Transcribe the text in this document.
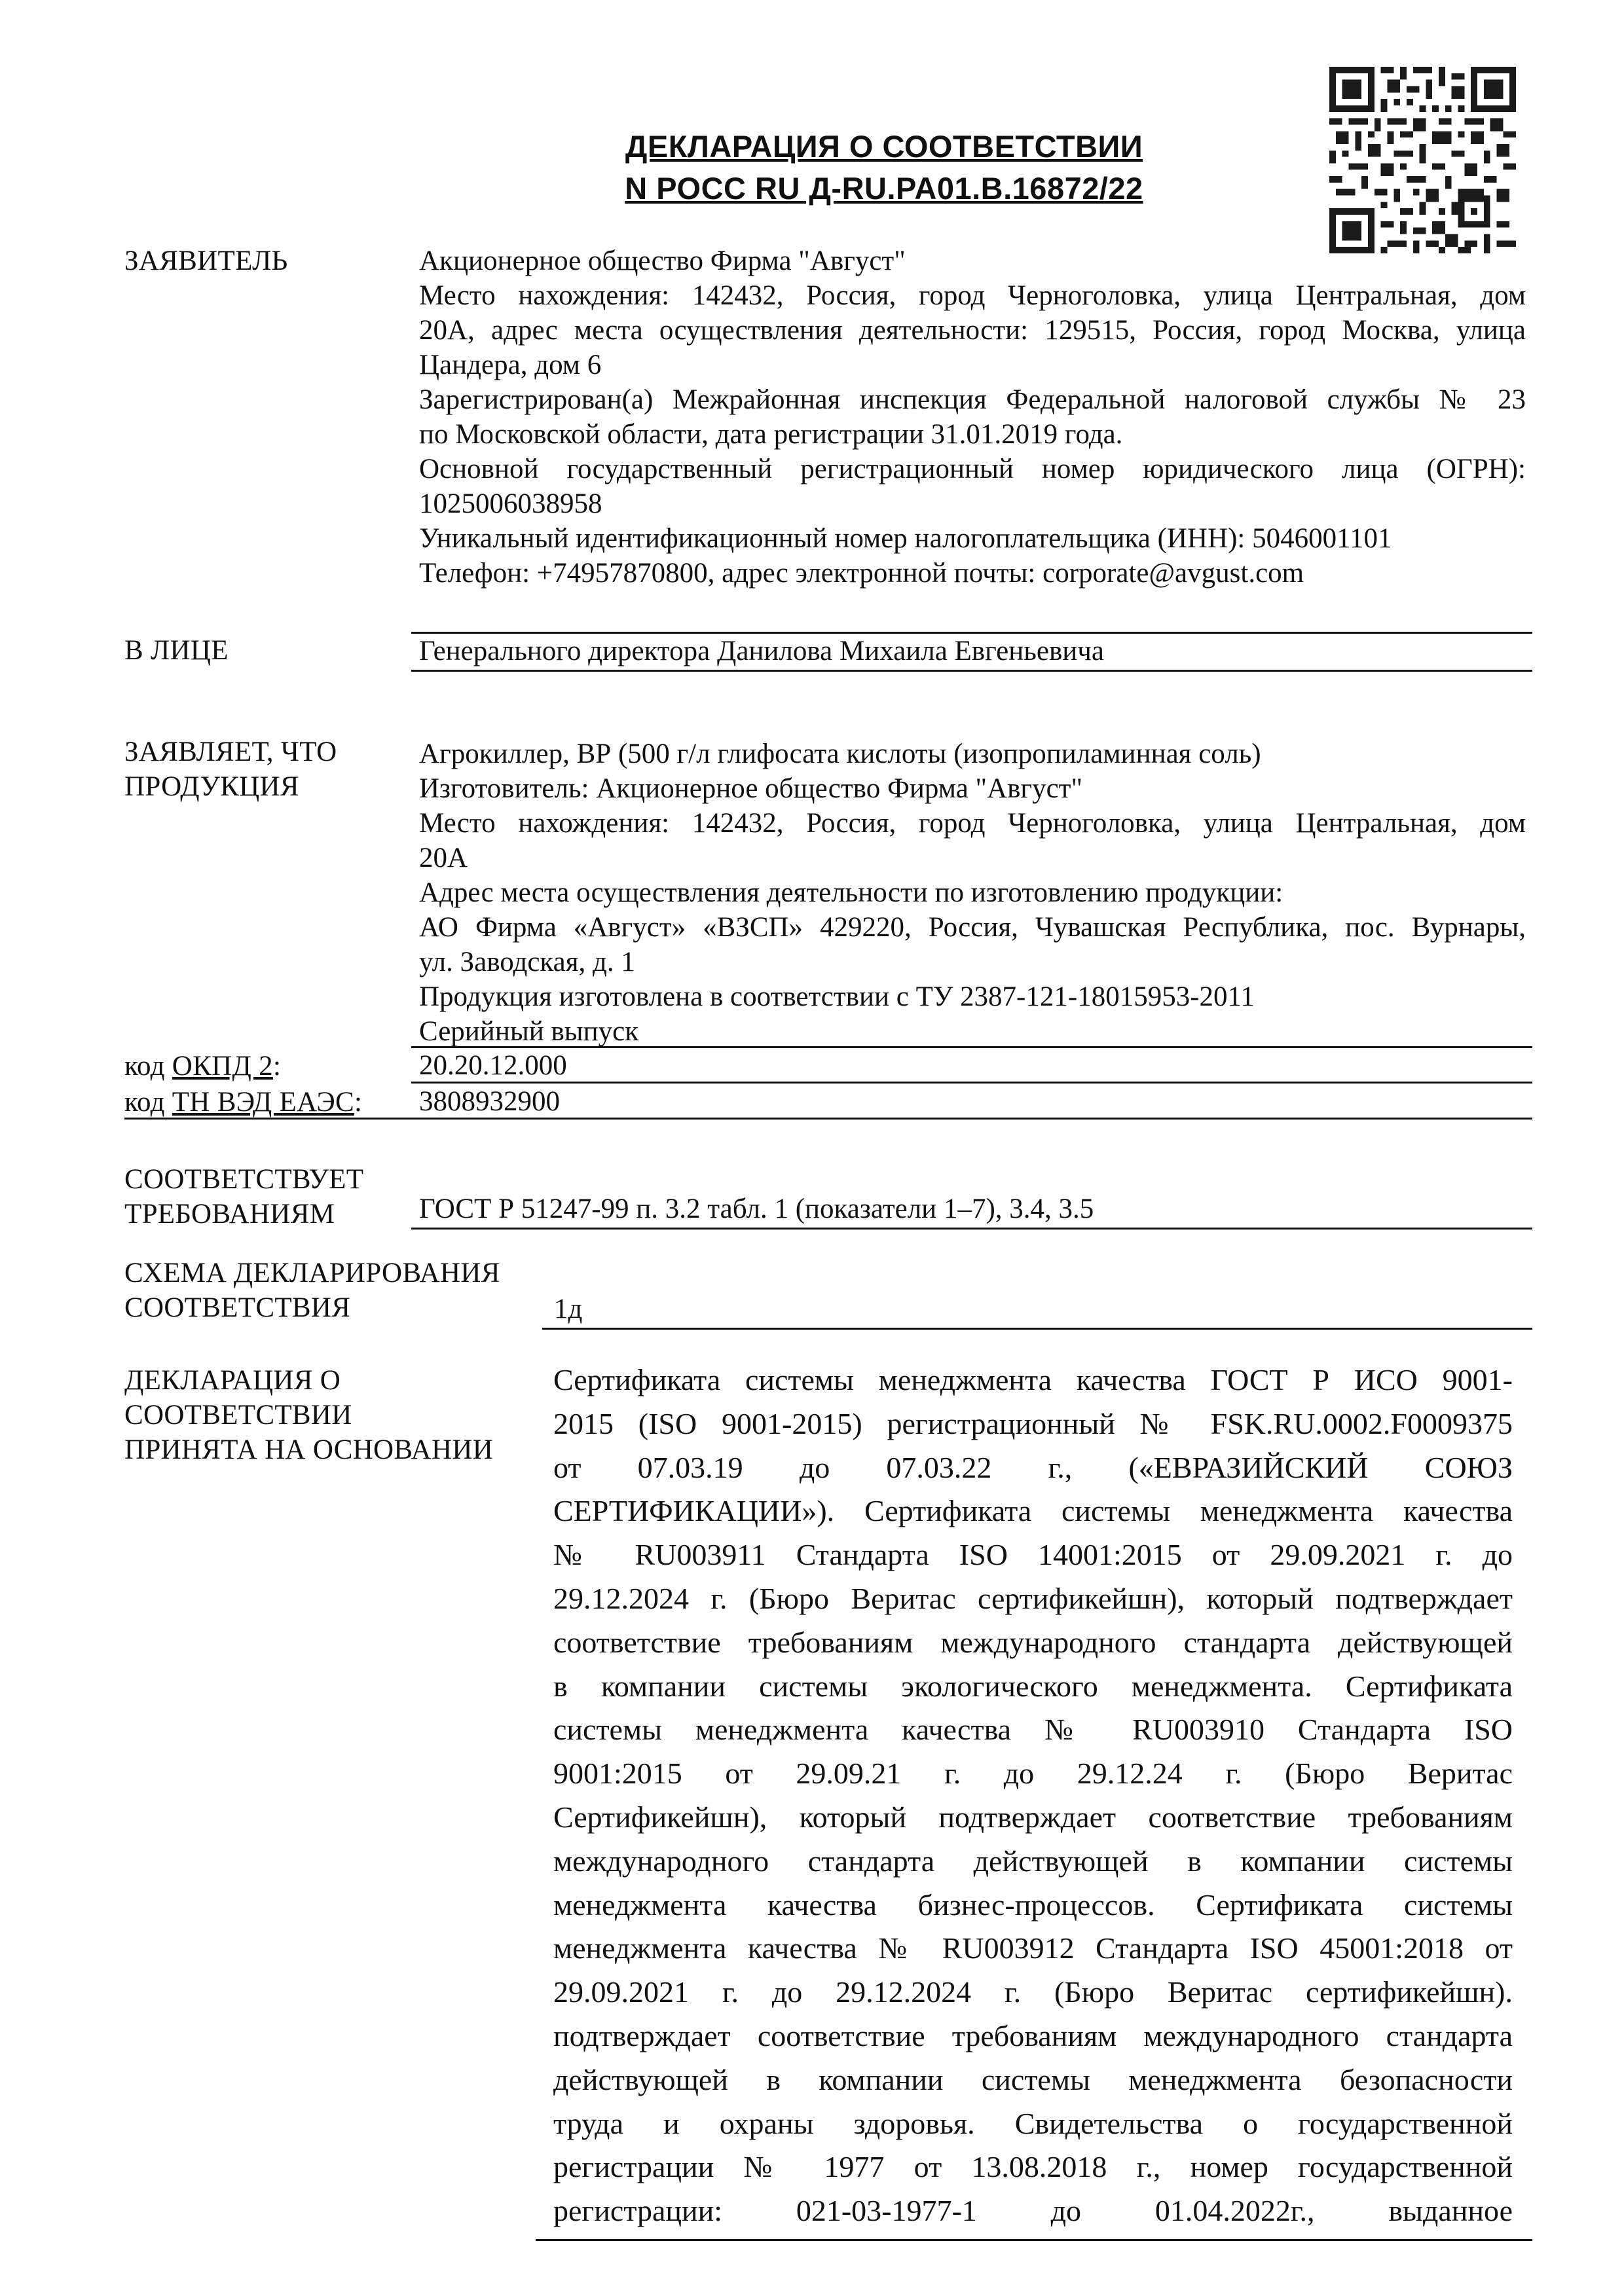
ДЕКЛАРАЦИЯ О СООТВЕТСТВИИ
N РОСС RU Д-RU.PA01.B.16872/22
ЗАЯВИТЕЛЬ	Акционерное общество Фирма "Август"
Место нахождения: 142432, Россия, город Черноголовка, улица Центральная, дом
20А, адрес места осуществления деятельности: 129515, Россия, город Москва, улица
Цандера, дом 6
Зарегистрирован(а) Межрайонная инспекция Федеральной налоговой службы № 23
по Московской области, дата регистрации 31.01.2019 года.
Основной государственный регистрационный номер юридического лица (ОГРН):
1025006038958
Уникальный идентификационный номер налогоплательщика (ИНН): 5046001101
Телефон: +74957870800, адрес электронной почты: corporate@avgust.com
В ЛИЦЕ	Генерального директора Данилова Михаила Евгеньевича
ЗАЯВЛЯЕТ, ЧТО
ПРОДУКЦИЯ
Агрокиллер, ВР (500 г/л глифосата кислоты (изопропиламинная соль)
Изготовитель: Акционерное общество Фирма "Август"
Место нахождения: 142432, Россия, город Черноголовка, улица Центральная, дом
20А
Адрес места осуществления деятельности по изготовлению продукции:
АО Фирма «Август» «ВЗСП» 429220, Россия, Чувашская Республика, пос. Вурнары,
ул. Заводская, д. 1
Продукция изготовлена в соответствии с ТУ 2387-121-18015953-2011
Серийный выпуск
код ОКПД 2:	20.20.12.000
код ТН ВЭД ЕАЭС: 3808932900
СООТВЕТСТВУЕТ
ТРЕБОВАНИЯМ	ГОСТ Р 51247-99 п. 3.2 табл. 1 (показатели 1–7), 3.4, 3.5
СХЕМА ДЕКЛАРИРОВАНИЯ
СООТВЕТСТВИЯ	1д
ДЕКЛАРАЦИЯ О
СООТВЕТСТВИИ
ПРИНЯТА НА ОСНОВАНИИ
Сертификата системы менеджмента качества ГОСТ Р ИСО 9001-
2015 (ISO 9001-2015) регистрационный № FSK.RU.0002.F0009375
от 07.03.19 до 07.03.22 г., («ЕВРАЗИЙСКИЙ СОЮЗ
СЕРТИФИКАЦИИ»). Сертификата системы менеджмента качества
№ RU003911 Стандарта ISO 14001:2015 от 29.09.2021 г. до
29.12.2024 г. (Бюро Веритас сертификейшн), который подтверждает
соответствие требованиям международного стандарта действующей
в компании системы экологического менеджмента. Сертификата
системы менеджмента качества № RU003910 Стандарта ISO
9001:2015 от 29.09.21 г. до 29.12.24 г. (Бюро Веритас
Сертификейшн), который подтверждает соответствие требованиям
международного стандарта действующей в компании системы
менеджмента качества бизнес-процессов. Сертификата системы
менеджмента качества № RU003912 Стандарта ISO 45001:2018 от
29.09.2021 г. до 29.12.2024 г. (Бюро Веритас сертификейшн).
подтверждает соответствие требованиям международного стандарта
действующей в компании системы менеджмента безопасности
труда и охраны здоровья. Свидетельства о государственной
регистрации № 1977 от 13.08.2018 г., номер государственной
регистрации: 021-03-1977-1 до 01.04.2022г., выданное
